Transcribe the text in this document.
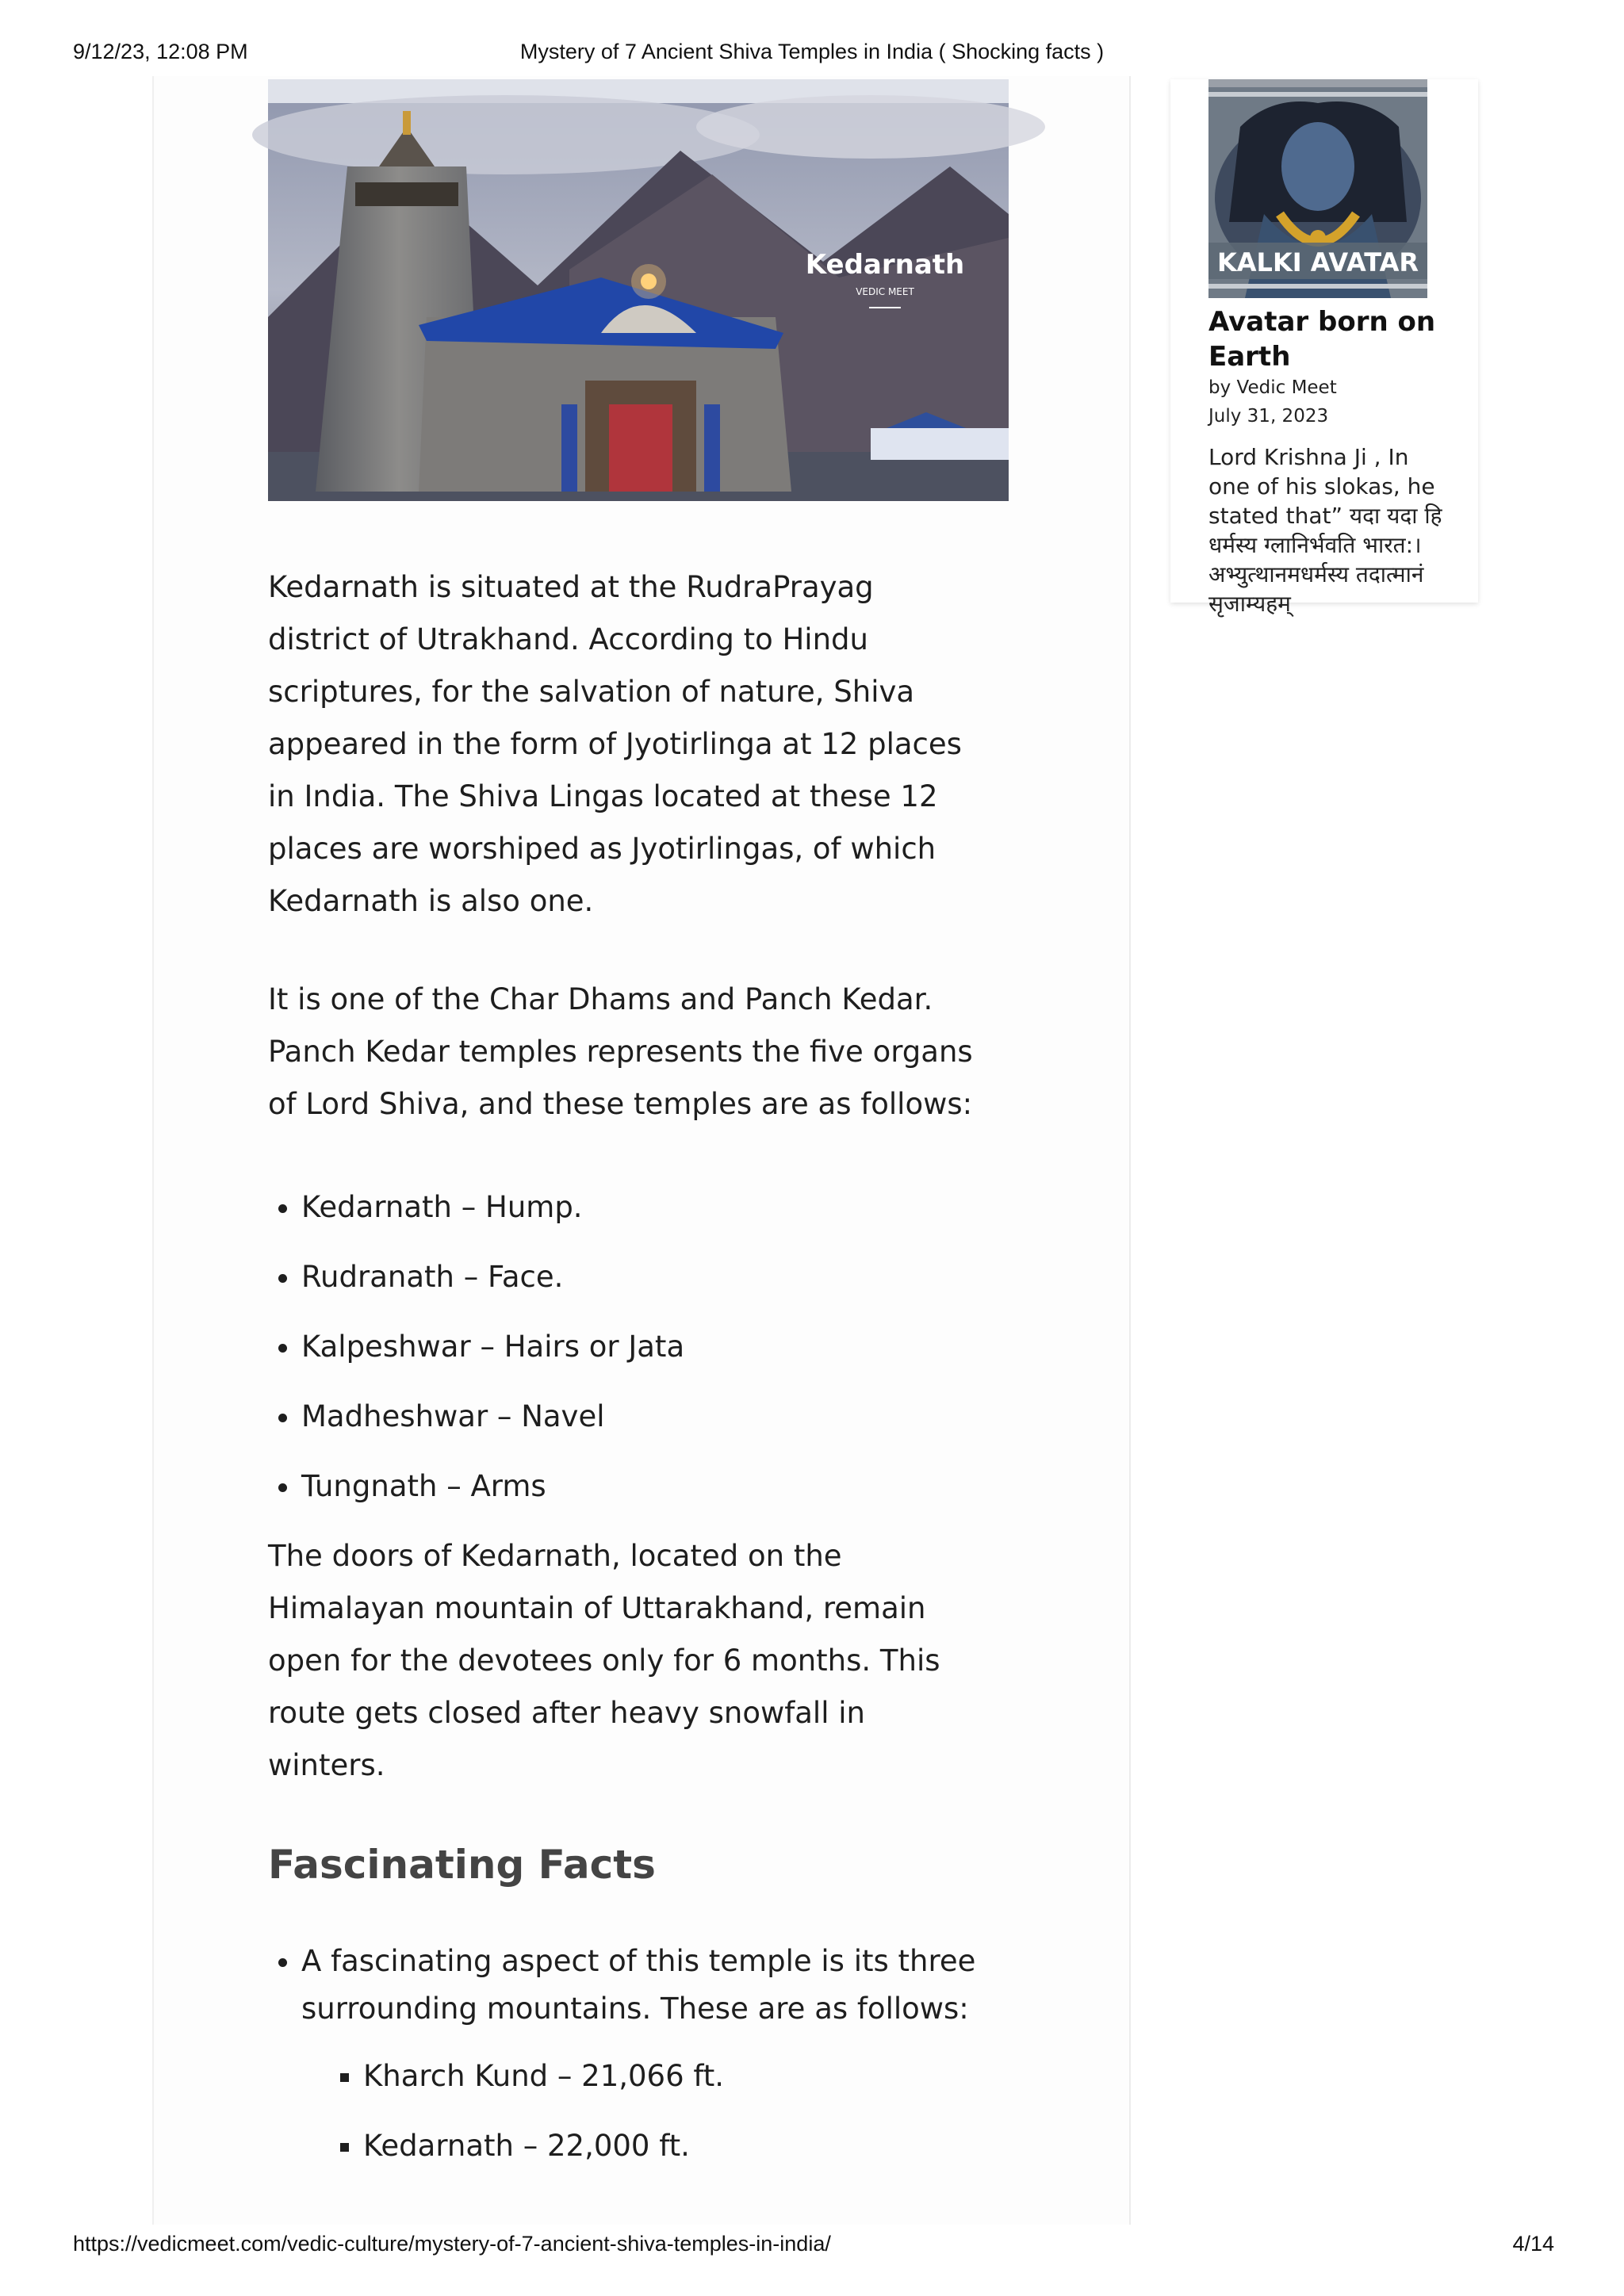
9/12/23, 12:08 PM	Mystery of 7 Ancient Shiva Temples in India ( Shocking facts )
Kedarnath
VEDIC MEET

Kedarnath is situated at the RudraPrayag district of Utrakhand. According to Hindu scriptures, for the salvation of nature, Shiva appeared in the form of Jyotirlinga at 12 places in India. The Shiva Lingas located at these 12 places are worshiped as Jyotirlingas, of which Kedarnath is also one.

It is one of the Char Dhams and Panch Kedar. Panch Kedar temples represents the five organs of Lord Shiva, and these temples are as follows:

• Kedarnath – Hump.
• Rudranath – Face.
• Kalpeshwar – Hairs or Jata
• Madheshwar – Navel
• Tungnath – Arms

The doors of Kedarnath, located on the Himalayan mountain of Uttarakhand, remain open for the devotees only for 6 months. This route gets closed after heavy snowfall in winters.

Fascinating Facts
• A fascinating aspect of this temple is its three surrounding mountains. These are as follows:
▪ Kharch Kund – 21,066 ft.
▪ Kedarnath – 22,000 ft.
KALKI AVATAR
Avatar born on Earth
by Vedic Meet
July 31, 2023
Lord Krishna Ji , In one of his slokas, he stated that” यदा यदा हि धर्मस्य ग्लानिर्भवति भारत:। अभ्युत्थानमधर्मस्य तदात्मानं सृजाम्यहम्
https://vedicmeet.com/vedic-culture/mystery-of-7-ancient-shiva-temples-in-india/	4/14
